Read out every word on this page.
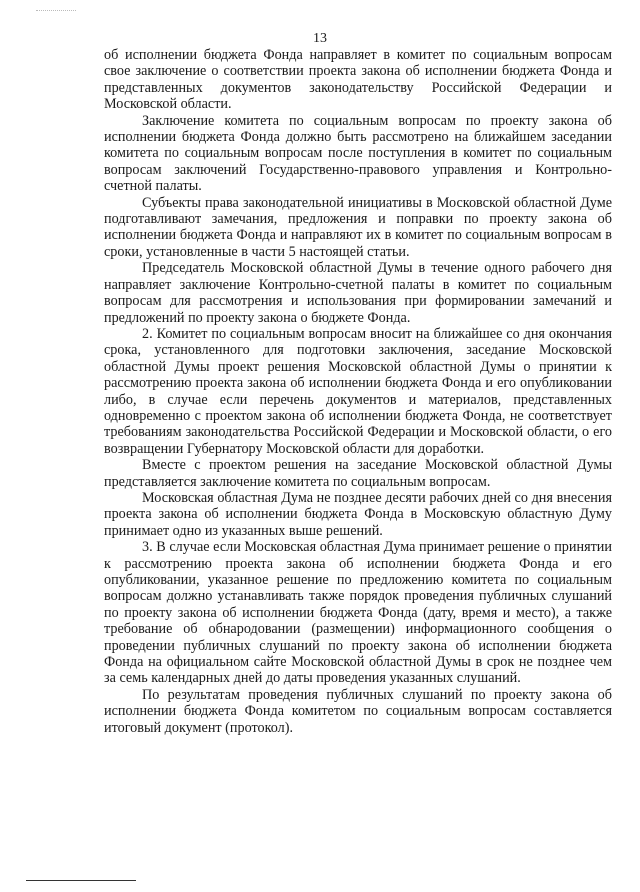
13

об исполнении бюджета Фонда направляет в комитет по социальным вопросам свое заключение о соответствии проекта закона об исполнении бюджета Фонда и представленных документов законодательству Российской Федерации и Московской области.

Заключение комитета по социальным вопросам по проекту закона об исполнении бюджета Фонда должно быть рассмотрено на ближайшем заседании комитета по социальным вопросам после поступления в комитет по социальным вопросам заключений Государственно-правового управления и Контрольно-счетной палаты.

Субъекты права законодательной инициативы в Московской областной Думе подготавливают замечания, предложения и поправки по проекту закона об исполнении бюджета Фонда и направляют их в комитет по социальным вопросам в сроки, установленные в части 5 настоящей статьи.

Председатель Московской областной Думы в течение одного рабочего дня направляет заключение Контрольно-счетной палаты в комитет по социальным вопросам для рассмотрения и использования при формировании замечаний и предложений по проекту закона о бюджете Фонда.

2. Комитет по социальным вопросам вносит на ближайшее со дня окончания срока, установленного для подготовки заключения, заседание Московской областной Думы проект решения Московской областной Думы о принятии к рассмотрению проекта закона об исполнении бюджета Фонда и его опубликовании либо, в случае если перечень документов и материалов, представленных одновременно с проектом закона об исполнении бюджета Фонда, не соответствует требованиям законодательства Российской Федерации и Московской области, о его возвращении Губернатору Московской области для доработки.

Вместе с проектом решения на заседание Московской областной Думы представляется заключение комитета по социальным вопросам.

Московская областная Дума не позднее десяти рабочих дней со дня внесения проекта закона об исполнении бюджета Фонда в Московскую областную Думу принимает одно из указанных выше решений.

3. В случае если Московская областная Дума принимает решение о принятии к рассмотрению проекта закона об исполнении бюджета Фонда и его опубликовании, указанное решение по предложению комитета по социальным вопросам должно устанавливать также порядок проведения публичных слушаний по проекту закона об исполнении бюджета Фонда (дату, время и место), а также требование об обнародовании (размещении) информационного сообщения о проведении публичных слушаний по проекту закона об исполнении бюджета Фонда на официальном сайте Московской областной Думы в срок не позднее чем за семь календарных дней до даты проведения указанных слушаний.

По результатам проведения публичных слушаний по проекту закона об исполнении бюджета Фонда комитетом по социальным вопросам составляется итоговый документ (протокол).
